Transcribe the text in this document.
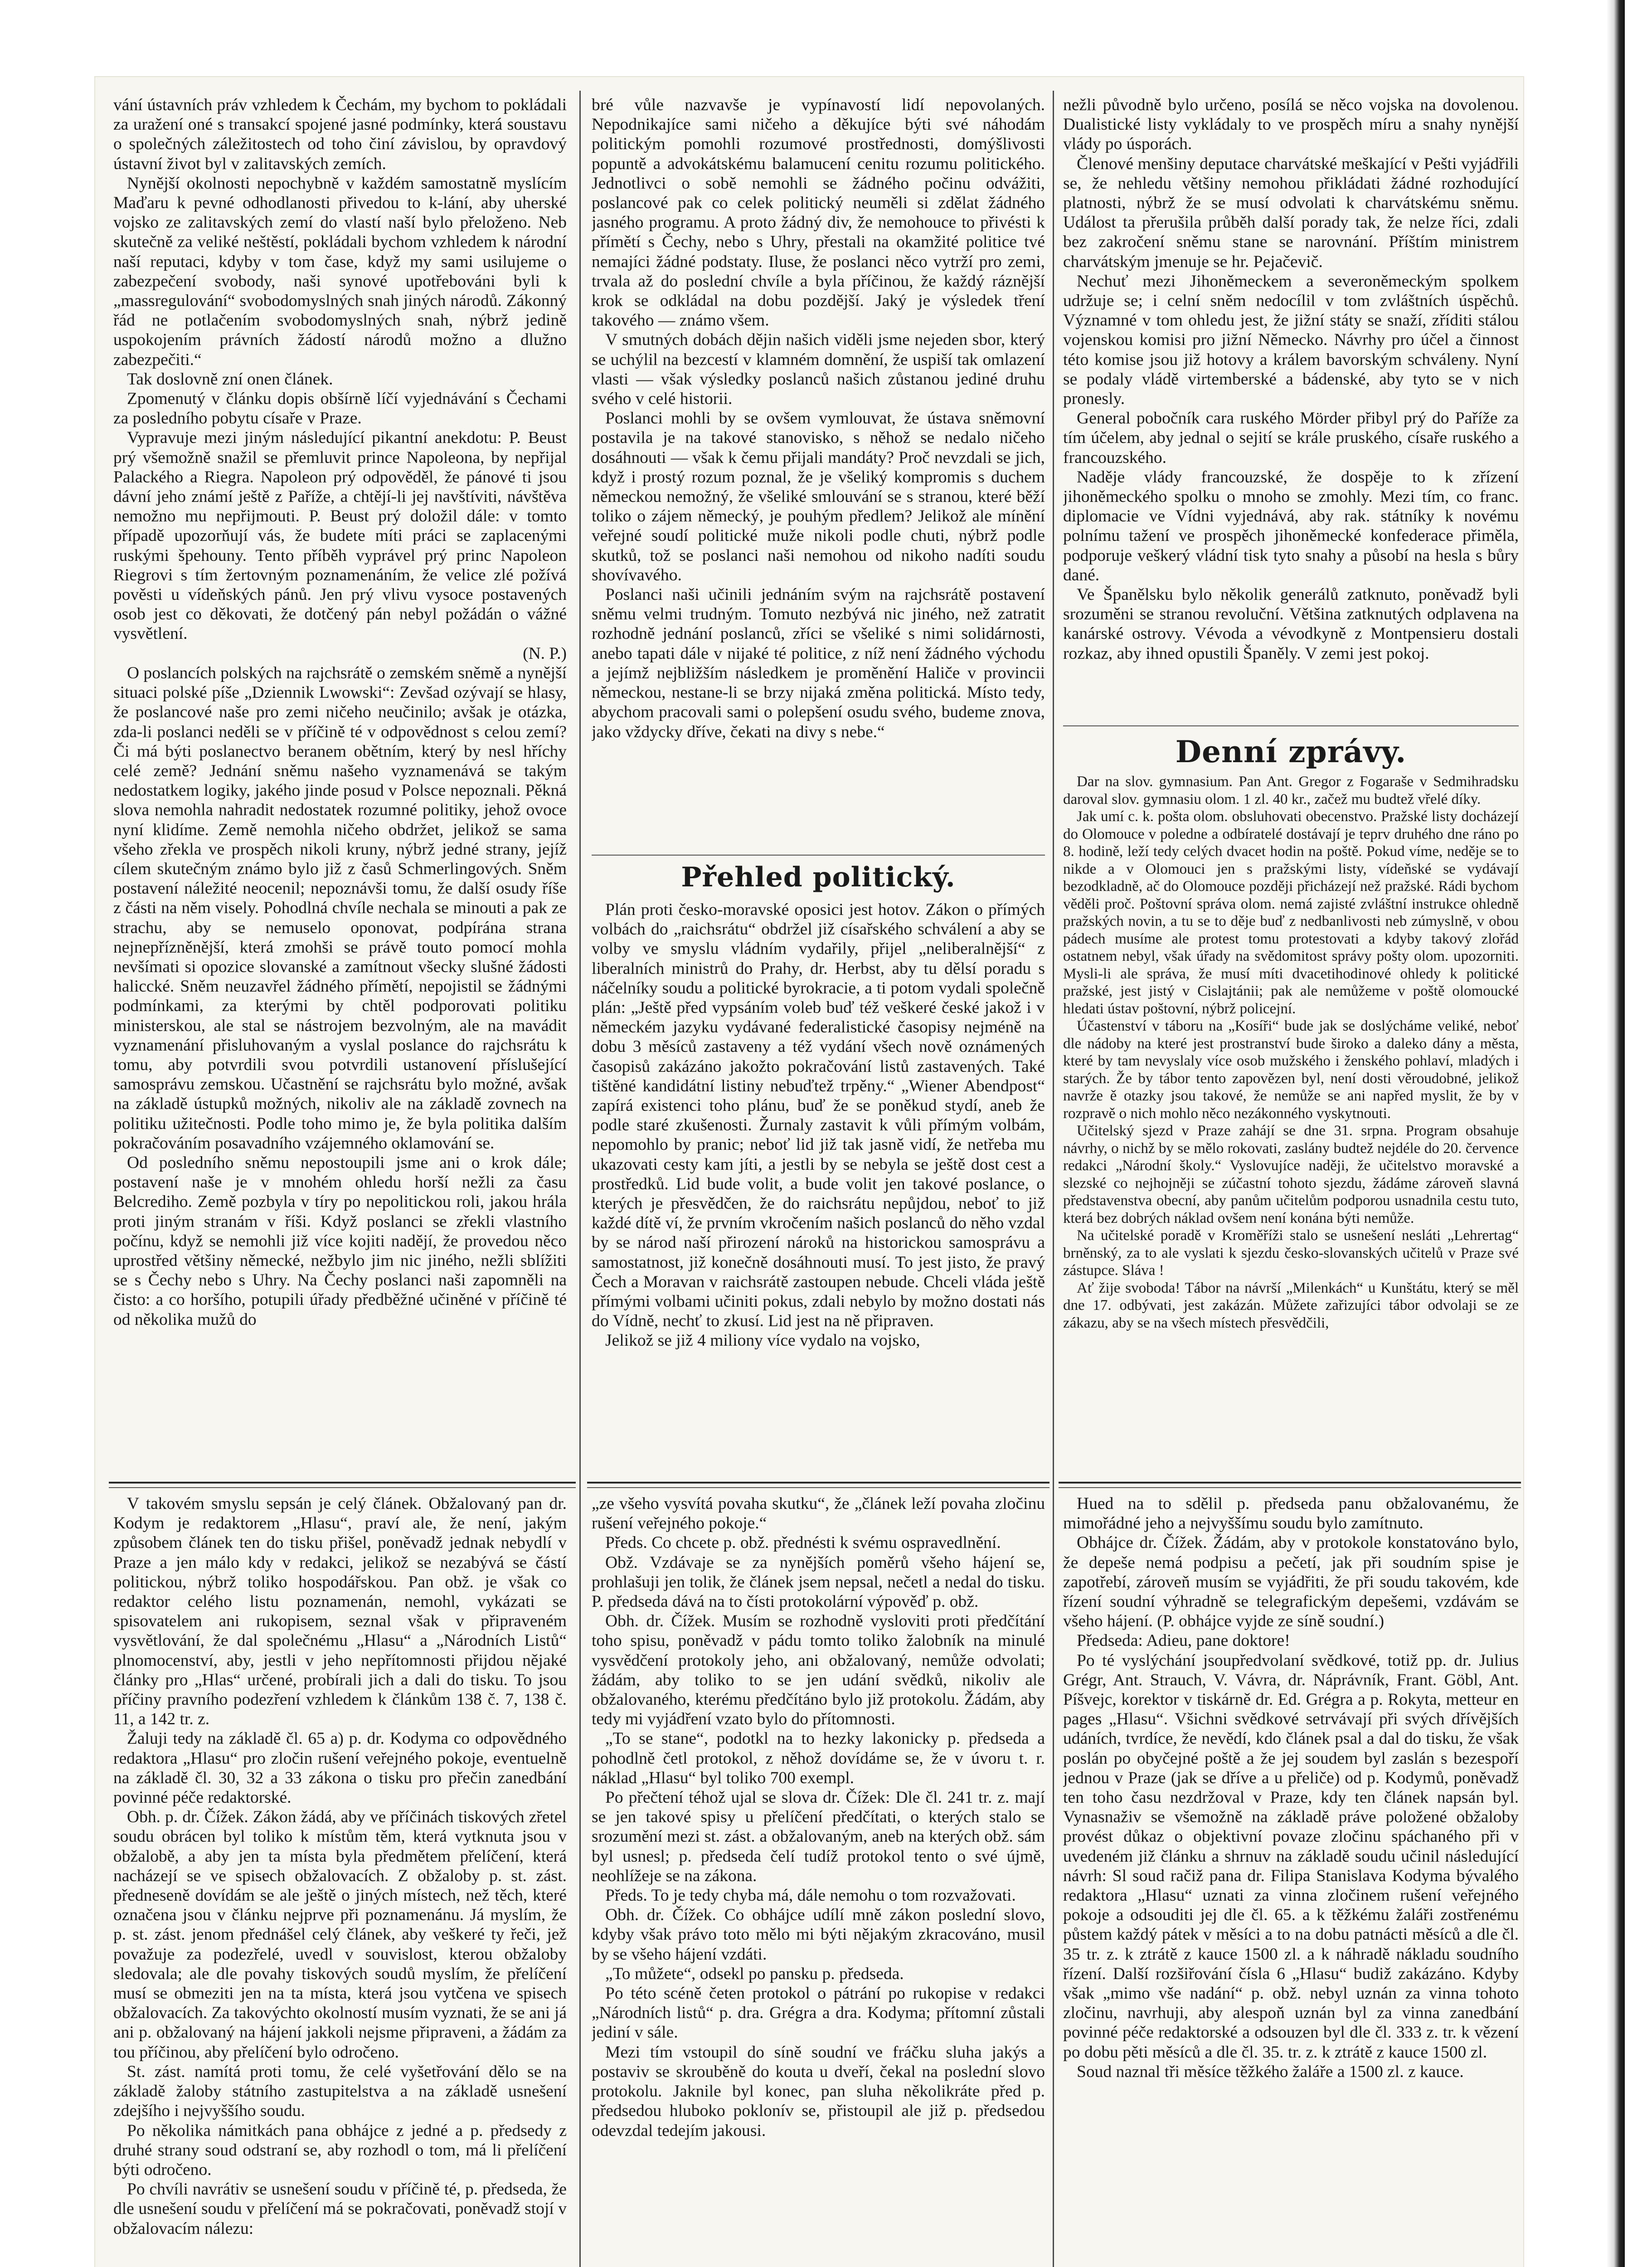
vání ústavních práv vzhledem k Čechám, my bychom to pokládali za uražení oné s transakcí spojené jasné podmínky, která soustavu o společných záležitostech od toho činí závislou, by opravdový ústavní život byl v zalitavských zemích.

Nynější okolnosti nepochybně v každém samostatně myslícím Maďaru k pevné odhodlanosti přivedou to k-lání, aby uherské vojsko ze zalitavských zemí do vlastí naší bylo přeloženo. Neb skutečně za veliké neštěstí, pokládali bychom vzhledem k národní naší reputaci, kdyby v tom čase, když my sami usilujeme o zabezpečení svobody, naši synové upotřebováni byli k „massregulování“ svobodomyslných snah jiných národů. Zákonný řád ne potlačením svobodomyslných snah, nýbrž jedině uspokojením právních žádostí národů možno a dlužno zabezpečiti.“

Tak doslovně zní onen článek.

Zpomenutý v článku dopis obšírně líčí vyjednávání s Čechami za posledního pobytu císaře v Praze.

Vypravuje mezi jiným následující pikantní anekdotu: P. Beust prý všemožně snažil se přemluvit prince Napoleona, by nepřijal Palackého a Riegra. Napoleon prý odpověděl, že pánové ti jsou dávní jeho známí ještě z Paříže, a chtějí-li jej navštíviti, návštěva nemožno mu nepřijmouti. P. Beust prý doložil dále: v tomto případě upozorňují vás, že budete míti práci se zaplacenými ruskými špehouny. Tento příběh vyprável prý princ Napoleon Riegrovi s tím žertovným poznamenáním, že velice zlé požívá pověsti u vídeňských pánů. Jen prý vlivu vysoce postavených osob jest co děkovati, že dotčený pán nebyl požádán o vážné vysvětlení.

(N. P.)

O poslancích polských na rajchsrátě o zemském sněmě a nynější situaci polské píše „Dziennik Lwowski“: Zevšad ozývají se hlasy, že poslancové naše pro zemi ničeho neučinilo; avšak je otázka, zda-li poslanci neděli se v příčině té v odpovědnost s celou zemí? Či má býti poslanectvo beranem obětním, který by nesl hříchy celé země? Jednání sněmu našeho vyznamenává se takým nedostatkem logiky, jakého jinde posud v Polsce nepoznali. Pěkná slova nemohla nahradit nedostatek rozumné politiky, jehož ovoce nyní klidíme. Země nemohla ničeho obdržet, jelikož se sama všeho zřekla ve prospěch nikoli kruny, nýbrž jedné strany, jejíž cílem skutečným známo bylo již z časů Schmerlingových. Sněm postavení náležité neocenil; nepoznávši tomu, že další osudy říše z části na něm visely. Pohodlná chvíle nechala se minouti a pak ze strachu, aby se nemuselo oponovat, podpírána strana nejnepřízněnější, která zmohši se právě touto pomocí mohla nevšímati si opozice slovanské a zamítnout všecky slušné žádosti haliccké. Sněm neuzavřel žádného přímětí, nepojistil se žádnými podmínkami, za kterými by chtěl podporovati politiku ministerskou, ale stal se nástrojem bezvolným, ale na mavádit vyznamenání přisluhovaným a vyslal poslance do rajchsrátu k tomu, aby potvrdili svou potvrdili ustanovení příslušející samosprávu zemskou. Učastnění se rajchsrátu bylo možné, avšak na základě ústupků možných, nikoliv ale na základě zovnech na politiku užitečnosti. Podle toho mimo je, že byla politika dalším pokračováním posavadního vzájemného oklamování se.

Od posledního sněmu nepostoupili jsme ani o krok dále; postavení naše je v mnohém ohledu horší nežli za času Belcrediho. Země pozbyla v tíry po nepolitickou roli, jakou hrála proti jiným stranám v říši. Když poslanci se zřekli vlastního počínu, když se nemohli již více kojiti nadějí, že provedou něco uprostřed většiny německé, nežbylo jim nic jiného, nežli sblížiti se s Čechy nebo s Uhry. Na Čechy poslanci naši zapomněli na čisto: a co horšího, potupili úřady předběžné učiněné v příčině té od několika mužů do

bré vůle nazvavše je vypínavostí lidí nepovolaných. Nepodnikajíce sami ničeho a děkujíce býti své náhodám politickým pomohli rozumové prostřednosti, domýšlivosti popuntě a advokátskému balamucení cenitu rozumu politického. Jednotlivci o sobě nemohli se žádného počinu odvážiti, poslancové pak co celek politický neuměli si zdělat žádného jasného programu. A proto žádný div, že nemohouce to přivésti k přímětí s Čechy, nebo s Uhry, přestali na okamžité politice tvé nemajíci žádné podstaty. Iluse, že poslanci něco vytrží pro zemi, trvala až do poslední chvíle a byla příčinou, že každý ráznější krok se odkládal na dobu pozdější. Jaký je výsledek tření takového — známo všem.

V smutných dobách dějin našich viděli jsme nejeden sbor, který se uchýlil na bezcestí v klamném domnění, že uspiší tak omlazení vlasti — však výsledky poslanců našich zůstanou jediné druhu svého v celé historii.

Poslanci mohli by se ovšem vymlouvat, že ústava sněmovní postavila je na takové stanovisko, s něhož se nedalo ničeho dosáhnouti — však k čemu přijali mandáty? Proč nevzdali se jich, když i prostý rozum poznal, že je všeliký kompromis s duchem německou nemožný, že všeliké smlouvání se s stranou, které běží toliko o zájem německý, je pouhým předlem? Jelikož ale mínění veřejné soudí politické muže nikoli podle chuti, nýbrž podle skutků, tož se poslanci naši nemohou od nikoho nadíti soudu shovívavého.

Poslanci naši učinili jednáním svým na rajchsrátě postavení sněmu velmi trudným. Tomuto nezbývá nic jiného, než zatratit rozhodně jednání poslanců, zříci se všeliké s nimi solidárnosti, anebo tapati dále v nijaké té politice, z níž není žádného východu a jejímž nejbližším následkem je proměnění Haliče v provincii německou, nestane-li se brzy nijaká změna politická. Místo tedy, abychom pracovali sami o polepšení osudu svého, budeme znova, jako vždycky dříve, čekati na divy s nebe.“

Přehled politický.

Plán proti česko-moravské oposici jest hotov. Zákon o přímých volbách do „raichsrátu“ obdržel již císařského schválení a aby se volby ve smyslu vládním vydařily, přijel „neliberalnější“ z liberalních ministrů do Prahy, dr. Herbst, aby tu dělsí poradu s náčelníky soudu a politické byrokracie, a ti potom vydali společně plán: „Ještě před vypsáním voleb buď též veškeré české jakož i v německém jazyku vydávané federalistické časopisy nejméně na dobu 3 měsíců zastaveny a též vydání všech nově oznámených časopisů zakázáno jakožto pokračování listů zastavených. Také tištěné kandidátní listiny nebuďtež trpěny.“ „Wiener Abendpost“ zapírá existenci toho plánu, buď že se poněkud stydí, aneb že podle staré zkušenosti. Žurnaly zastavit k vůli přímým volbám, nepomohlo by pranic; neboť lid již tak jasně vidí, že netřeba mu ukazovati cesty kam jíti, a jestli by se nebyla se ještě dost cest a prostředků. Lid bude volit, a bude volit jen takové poslance, o kterých je přesvědčen, že do raichsrátu nepůjdou, neboť to již každé dítě ví, že prvním vkročením našich poslanců do něho vzdal by se národ naší přirození nároků na historickou samosprávu a samostatnost, již konečně dosáhnouti musí. To jest jisto, že pravý Čech a Moravan v raichsrátě zastoupen nebude. Chceli vláda ještě přímými volbami učiniti pokus, zdali nebylo by možno dostati nás do Vídně, nechť to zkusí. Lid jest na ně připraven.

Jelikož se již 4 miliony více vydalo na vojsko,

nežli původně bylo určeno, posílá se něco vojska na dovolenou. Dualistické listy vykládaly to ve prospěch míru a snahy nynější vlády po úsporách.

Členové menšiny deputace charvátské meškající v Pešti vyjádřili se, že nehledu většiny nemohou přikládati žádné rozhodující platnosti, nýbrž že se musí odvolati k charvátskému sněmu. Událost ta přerušila průběh další porady tak, že nelze říci, zdali bez zakročení sněmu stane se narovnání. Příštím ministrem charvátským jmenuje se hr. Pejačevič.

Nechuť mezi Jihoněmeckem a severoněmeckým spolkem udržuje se; i celní sněm nedocílil v tom zvláštních úspěchů. Významné v tom ohledu jest, že jižní státy se snaží, zříditi stálou vojenskou komisi pro jižní Německo. Návrhy pro účel a činnost této komise jsou již hotovy a králem bavorským schváleny. Nyní se podaly vládě virtemberské a bádenské, aby tyto se v nich pronesly.

General pobočník cara ruského Mörder přibyl prý do Paříže za tím účelem, aby jednal o sejití se krále pruského, císaře ruského a francouzského.

Naděje vlády francouzské, že dospěje to k zřízení jihoněmeckého spolku o mnoho se zmohly. Mezi tím, co franc. diplomacie ve Vídni vyjednává, aby rak. státníky k novému polnímu tažení ve prospěch jihoněmecké konfederace přiměla, podporuje veškerý vládní tisk tyto snahy a působí na hesla s bůry dané.

Ve Španělsku bylo několik generálů zatknuto, poněvadž byli srozuměni se stranou revoluční. Většina zatknutých odplavena na kanárské ostrovy. Vévoda a vévodkyně z Montpensieru dostali rozkaz, aby ihned opustili Španěly. V zemi jest pokoj.

Denní zprávy.

Dar na slov. gymnasium. Pan Ant. Gregor z Fogaraše v Sedmihradsku daroval slov. gymnasiu olom. 1 zl. 40 kr., začež mu budtež vřelé díky.

Jak umí c. k. pošta olom. obsluhovati obecenstvo. Pražské listy docházejí do Olomouce v poledne a odbíratelé dostávají je teprv druhého dne ráno po 8. hodině, leží tedy celých dvacet hodin na poště. Pokud víme, neděje se to nikde a v Olomouci jen s pražskými listy, vídeňské se vydávají bezodkladně, ač do Olomouce později přicházejí než pražské. Rádi bychom věděli proč. Poštovní správa olom. nemá zajisté zvláštní instrukce ohledně pražských novin, a tu se to děje buď z nedbanlivosti neb zúmyslně, v obou pádech musíme ale protest tomu protestovati a kdyby takový zlořád ostatnem nebyl, však úřady na svědomitost správy pošty olom. upozorniti. Mysli-li ale správa, že musí míti dvacetihodinové ohledy k politické pražské, jest jistý v Cislajtánii; pak ale nemůžeme v poště olomoucké hledati ústav poštovní, nýbrž policejní.

Účastenství v táboru na „Kosíři“ bude jak se doslýcháme veliké, neboť dle nádoby na které jest prostranství bude široko a daleko dány a města, které by tam nevyslaly více osob mužského i ženského pohlaví, mladých i starých. Že by tábor tento zapovězen byl, není dosti věroudobné, jelikož navrže ě otazky jsou takové, že nemůže se ani napřed myslit, že by v rozpravě o nich mohlo něco nezákonného vyskytnouti.

Učitelský sjezd v Praze zahájí se dne 31. srpna. Program obsahuje návrhy, o nichž by se mělo rokovati, zaslány budtež nejdéle do 20. července redakci „Národní školy.“ Vyslovujíce naději, že učitelstvo moravské a slezské co nejhojněji se zúčastní tohoto sjezdu, žádáme zároveň slavná představenstva obecní, aby panům učitelům podporou usnadnila cestu tuto, která bez dobrých náklad ovšem není konána býti nemůže.

Na učitelské poradě v Kroměříži stalo se usnešení nesláti „Lehrertag“ brněnský, za to ale vyslati k sjezdu česko-slovanských učitelů v Praze své zástupce. Sláva !

Ať žije svoboda! Tábor na návrší „Milenkách“ u Kunštátu, který se měl dne 17. odbývati, jest zakázán. Můžete zařizujíci tábor odvolaji se ze zákazu, aby se na všech místech přesvědčili,

V takovém smyslu sepsán je celý článek. Obžalovaný pan dr. Kodym je redaktorem „Hlasu“, praví ale, že není, jakým způsobem článek ten do tisku přišel, poněvadž jednak nebydlí v Praze a jen málo kdy v redakci, jelikož se nezabývá se částí politickou, nýbrž toliko hospodářskou. Pan obž. je však co redaktor celého listu poznamenán, nemohl, vykázati se spisovatelem ani rukopisem, seznal však v připraveném vysvětlování, že dal společnému „Hlasu“ a „Národních Listů“ plnomocenství, aby, jestli v jeho nepřítomnosti přijdou nějaké články pro „Hlas“ určené, probírali jich a dali do tisku. To jsou příčiny pravního podezření vzhledem k článkům 138 č. 7, 138 č. 11, a 142 tr. z.

Žaluji tedy na základě čl. 65 a) p. dr. Kodyma co odpovědného redaktora „Hlasu“ pro zločin rušení veřejného pokoje, eventuelně na základě čl. 30, 32 a 33 zákona o tisku pro přečin zanedbání povinné péče redaktorské.

Obh. p. dr. Čížek. Zákon žádá, aby ve příčinách tiskových zřetel soudu obrácen byl toliko k místům těm, která vytknuta jsou v obžalobě, a aby jen ta místa byla předmětem přelíčení, která nacházejí se ve spisech obžalovacích. Z obžaloby p. st. zást. předneseně dovídám se ale ještě o jiných místech, než těch, které označena jsou v článku nejprve při poznamenánu. Já myslím, že p. st. zást. jenom přednášel celý článek, aby veškeré ty řeči, jež považuje za podezřelé, uvedl v souvislost, kterou obžaloby sledovala; ale dle povahy tiskových soudů myslím, že přelíčení musí se obmeziti jen na ta místa, která jsou vytčena ve spisech obžalovacích. Za takovýchto okolností musím vyznati, že se ani já ani p. obžalovaný na hájení jakkoli nejsme připraveni, a žádám za tou příčinou, aby přelíčení bylo odročeno.

St. zást. namítá proti tomu, že celé vyšetřování dělo se na základě žaloby státního zastupitelstva a na základě usnešení zdejšího i nejvyššího soudu.

Po několika námitkách pana obhájce z jedné a p. předsedy z druhé strany soud odstraní se, aby rozhodl o tom, má li přelíčení býti odročeno.

Po chvíli navrátiv se usnešení soudu v příčině té, p. předseda, že dle usnešení soudu v přelíčení má se pokračovati, poněvadž stojí v obžalovacím nálezu:

„ze všeho vysvítá povaha skutku“, že „článek leží povaha zločinu rušení veřejného pokoje.“

Předs. Co chcete p. obž. přednésti k svému ospravedlnění.

Obž. Vzdávaje se za nynějších poměrů všeho hájení se, prohlašuji jen tolik, že článek jsem nepsal, nečetl a nedal do tisku. P. předseda dává na to čísti protokolární výpověď p. obž.

Obh. dr. Čížek. Musím se rozhodně vysloviti proti předčítání toho spisu, poněvadž v pádu tomto toliko žalobník na minulé vysvědčení protokoly jeho, ani obžalovaný, nemůže odvolati; žádám, aby toliko to se jen udání svědků, nikoliv ale obžalovaného, kterému předčítáno bylo již protokolu. Žádám, aby tedy mi vyjádření vzato bylo do přítomnosti.

„To se stane“, podotkl na to hezky lakonicky p. předseda a pohodlně četl protokol, z něhož dovídáme se, že v úvoru t. r. náklad „Hlasu“ byl toliko 700 exempl.

Po přečtení téhož ujal se slova dr. Čížek: Dle čl. 241 tr. z. mají se jen takové spisy u přelíčení předčítati, o kterých stalo se srozumění mezi st. zást. a obžalovaným, aneb na kterých obž. sám byl usnesl; p. předseda čelí tudíž protokol tento o své újmě, neohlížeje se na zákona.

Předs. To je tedy chyba má, dále nemohu o tom rozvažovati.

Obh. dr. Čížek. Co obhájce udílí mně zákon poslední slovo, kdyby však právo toto mělo mi býti nějakým zkracováno, musil by se všeho hájení vzdáti.

„To můžete“, odsekl po pansku p. předseda.

Po této scéně četen protokol o pátrání po rukopise v redakci „Národních listů“ p. dra. Grégra a dra. Kodyma; přítomní zůstali jediní v sále.

Mezi tím vstoupil do síně soudní ve fráčku sluha jakýs a postaviv se skrouběně do kouta u dveří, čekal na poslední slovo protokolu. Jaknile byl konec, pan sluha několikráte před p. předsedou hluboko poklonív se, přistoupil ale již p. předsedou odevzdal tedejím jakousi.

Hued na to sdělil p. předseda panu obžalovanému, že mimořádné jeho a nejvyššímu soudu bylo zamítnuto.

Obhájce dr. Čížek. Žádám, aby v protokole konstatováno bylo, že depeše nemá podpisu a pečetí, jak při soudním spise je zapotřebí, zároveň musím se vyjádřiti, že při soudu takovém, kde řízení soudní výhradně se telegrafickým depešemi, vzdávám se všeho hájení. (P. obhájce vyjde ze síně soudní.)

Předseda: Adieu, pane doktore!

Po té vyslýchání jsoupředvolaní svědkové, totiž pp. dr. Julius Grégr, Ant. Strauch, V. Vávra, dr. Náprávník, Frant. Göbl, Ant. Píšvejc, korektor v tiskárně dr. Ed. Grégra a p. Rokyta, metteur en pages „Hlasu“. Všichni svědkové setrvávají při svých dřívějších udáních, tvrdíce, že nevědí, kdo článek psal a dal do tisku, že však poslán po obyčejné poště a že jej soudem byl zaslán s bezespoří jednou v Praze (jak se dříve a u přeliče) od p. Kodymů, poněvadž ten toho času nezdržoval v Praze, kdy ten článek napsán byl. Vynasnaživ se všemožně na základě práve položené obžaloby provést důkaz o objektivní povaze zločinu spáchaného při v uvedeném již článku a shrnuv na základě soudu učinil následující návrh: Sl soud račiž pana dr. Filipa Stanislava Kodyma bývalého redaktora „Hlasu“ uznati za vinna zločinem rušení veřejného pokoje a odsouditi jej dle čl. 65. a k těžkému žaláři zostřenému půstem každý pátek v měsíci a to na dobu patnácti měsíců a dle čl. 35 tr. z. k ztrátě z kauce 1500 zl. a k náhradě nákladu soudního řízení. Další rozšiřování čísla 6 „Hlasu“ budiž zakázáno. Kdyby však „mimo vše nadání“ p. obž. nebyl uznán za vinna tohoto zločinu, navrhuji, aby alespoň uznán byl za vinna zanedbání povinné péče redaktorské a odsouzen byl dle čl. 333 z. tr. k vězení po dobu pěti měsíců a dle čl. 35. tr. z. k ztrátě z kauce 1500 zl.

Soud naznal tři měsíce těžkého žaláře a 1500 zl. z kauce.
